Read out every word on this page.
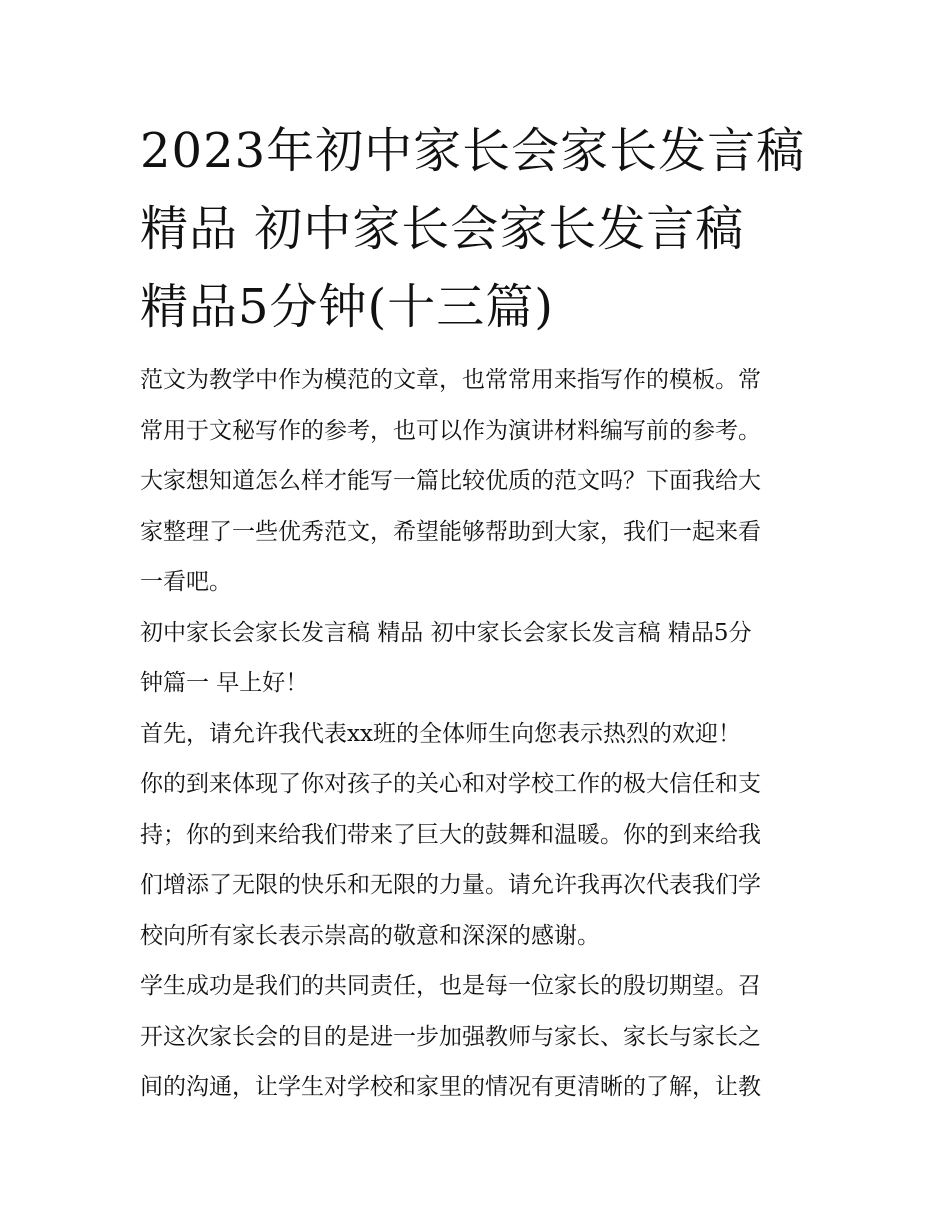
2023年初中家长会家长发言稿
精品 初中家长会家长发言稿
精品5分钟(十三篇)
范文为教学中作为模范的文章，也常常用来指写作的模板。常
常用于文秘写作的参考，也可以作为演讲材料编写前的参考。
大家想知道怎么样才能写一篇比较优质的范文吗？下面我给大
家整理了一些优秀范文，希望能够帮助到大家，我们一起来看
一看吧。
初中家长会家长发言稿 精品 初中家长会家长发言稿 精品5分
钟篇一 早上好！
首先，请允许我代表xx班的全体师生向您表示热烈的欢迎！
你的到来体现了你对孩子的关心和对学校工作的极大信任和支
持；你的到来给我们带来了巨大的鼓舞和温暖。你的到来给我
们增添了无限的快乐和无限的力量。请允许我再次代表我们学
校向所有家长表示崇高的敬意和深深的感谢。
学生成功是我们的共同责任，也是每一位家长的殷切期望。召
开这次家长会的目的是进一步加强教师与家长、家长与家长之
间的沟通，让学生对学校和家里的情况有更清晰的了解，让教
